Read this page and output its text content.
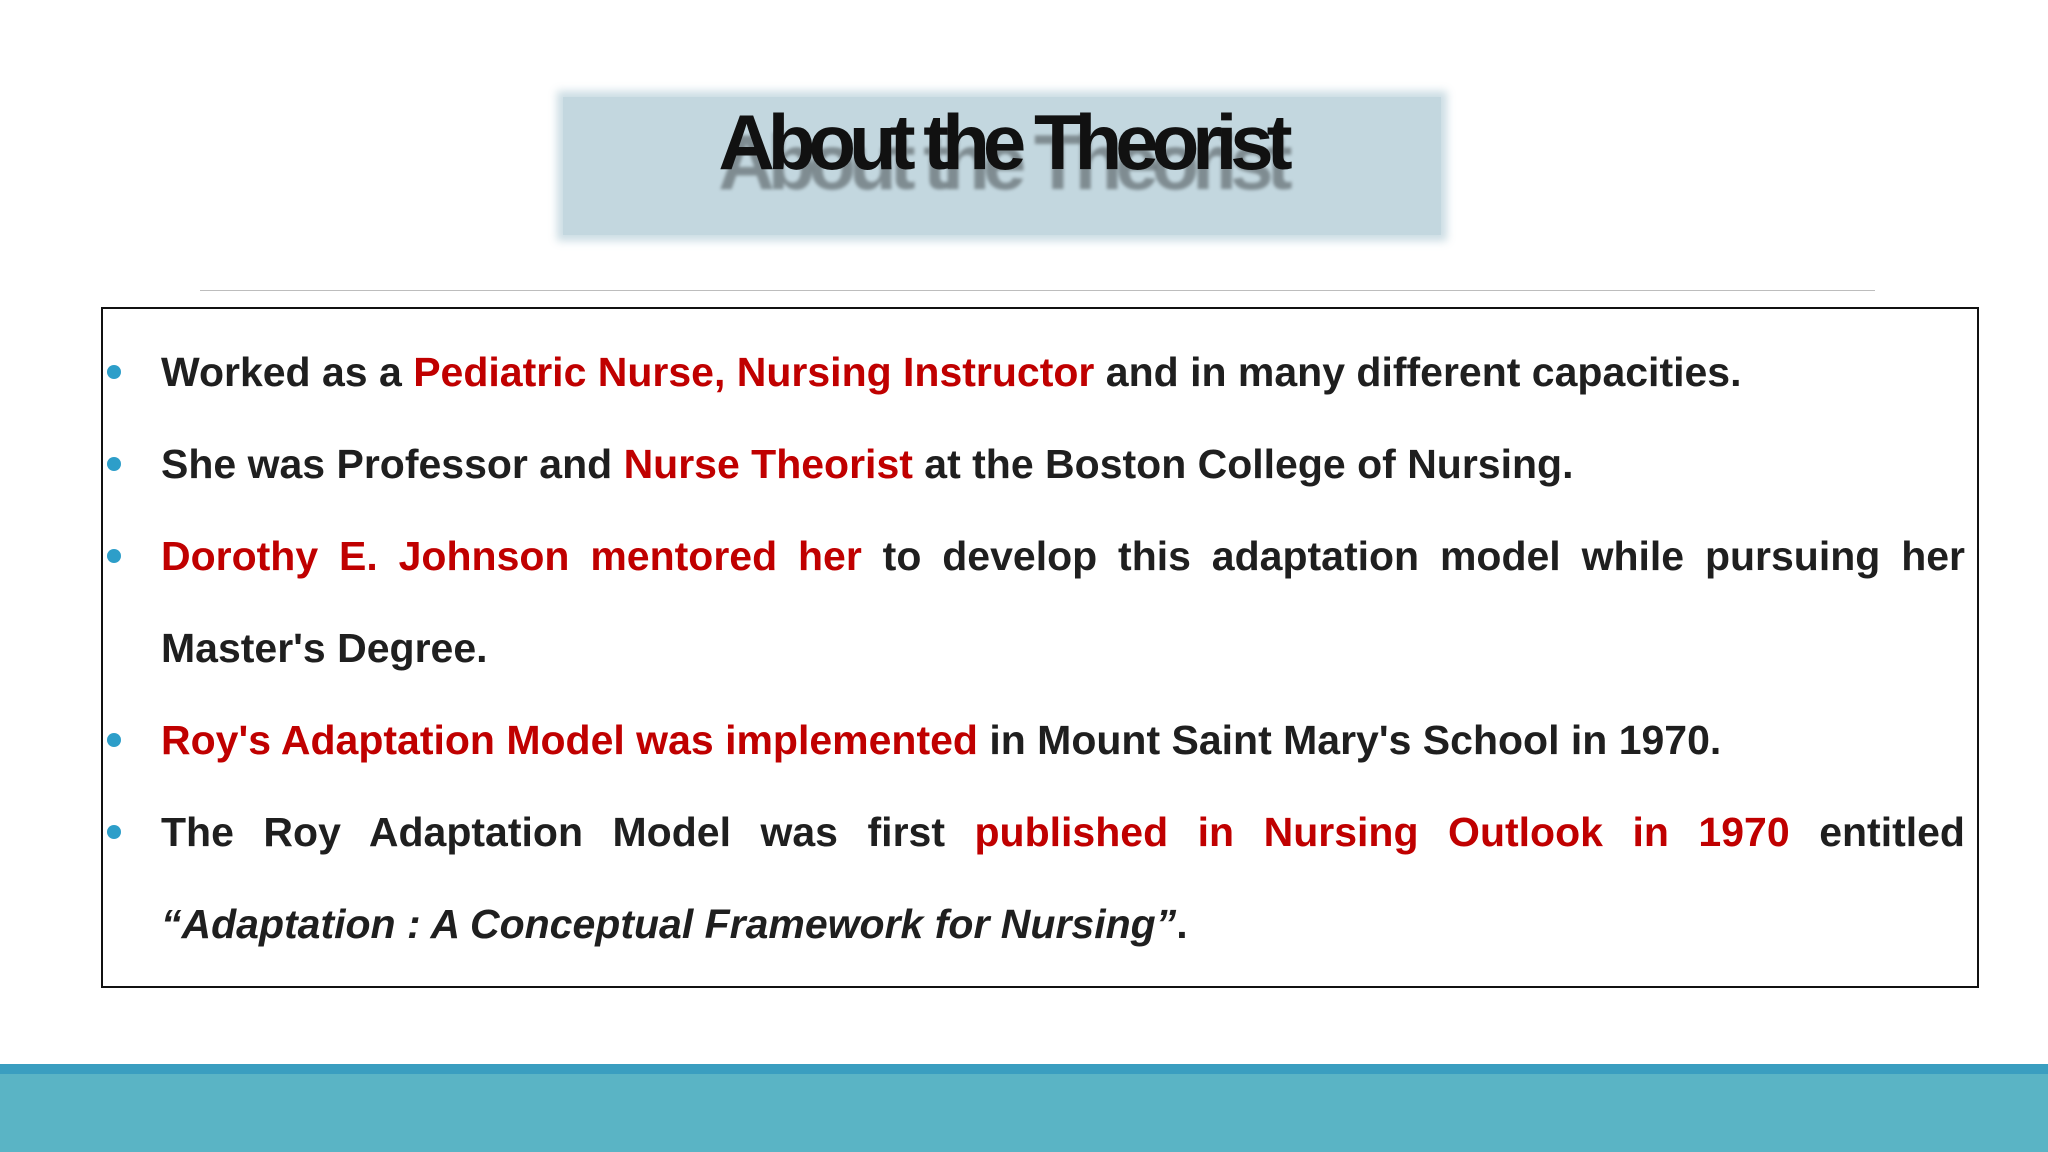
About the Theorist
Worked as a Pediatric Nurse, Nursing Instructor and in many different capacities.
She was Professor and Nurse Theorist at the Boston College of Nursing.
Dorothy E. Johnson mentored her to develop this adaptation model while pursuing her Master's Degree.
Roy's Adaptation Model was implemented in Mount Saint Mary's School in 1970.
The Roy Adaptation Model was first published in Nursing Outlook in 1970 entitled “Adaptation : A Conceptual Framework for Nursing”.
